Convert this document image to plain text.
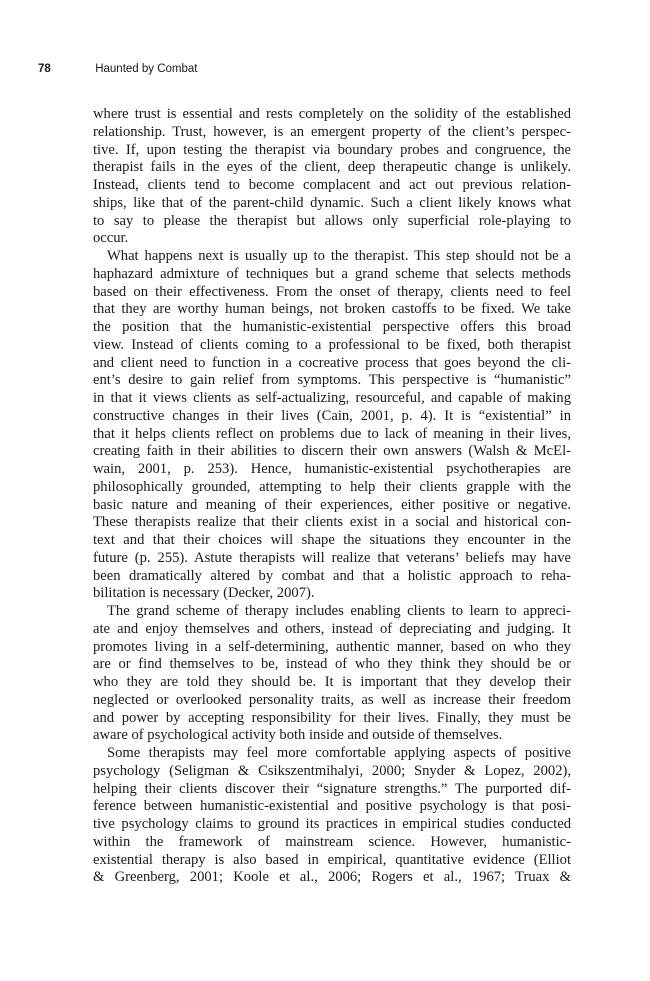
78	Haunted by Combat
where trust is essential and rests completely on the solidity of the established
relationship. Trust, however, is an emergent property of the client’s perspec-
tive. If, upon testing the therapist via boundary probes and congruence, the
therapist fails in the eyes of the client, deep therapeutic change is unlikely.
Instead, clients tend to become complacent and act out previous relation-
ships, like that of the parent-child dynamic. Such a client likely knows what
to say to please the therapist but allows only superficial role-playing to
occur.
What happens next is usually up to the therapist. This step should not be a
haphazard admixture of techniques but a grand scheme that selects methods
based on their effectiveness. From the onset of therapy, clients need to feel
that they are worthy human beings, not broken castoffs to be fixed. We take
the position that the humanistic-existential perspective offers this broad
view. Instead of clients coming to a professional to be fixed, both therapist
and client need to function in a cocreative process that goes beyond the cli-
ent’s desire to gain relief from symptoms. This perspective is “humanistic”
in that it views clients as self-actualizing, resourceful, and capable of making
constructive changes in their lives (Cain, 2001, p. 4). It is “existential” in
that it helps clients reflect on problems due to lack of meaning in their lives,
creating faith in their abilities to discern their own answers (Walsh & McEl-
wain, 2001, p. 253). Hence, humanistic-existential psychotherapies are
philosophically grounded, attempting to help their clients grapple with the
basic nature and meaning of their experiences, either positive or negative.
These therapists realize that their clients exist in a social and historical con-
text and that their choices will shape the situations they encounter in the
future (p. 255). Astute therapists will realize that veterans’ beliefs may have
been dramatically altered by combat and that a holistic approach to reha-
bilitation is necessary (Decker, 2007).
The grand scheme of therapy includes enabling clients to learn to appreci-
ate and enjoy themselves and others, instead of depreciating and judging. It
promotes living in a self-determining, authentic manner, based on who they
are or find themselves to be, instead of who they think they should be or
who they are told they should be. It is important that they develop their
neglected or overlooked personality traits, as well as increase their freedom
and power by accepting responsibility for their lives. Finally, they must be
aware of psychological activity both inside and outside of themselves.
Some therapists may feel more comfortable applying aspects of positive
psychology (Seligman & Csikszentmihalyi, 2000; Snyder & Lopez, 2002),
helping their clients discover their “signature strengths.” The purported dif-
ference between humanistic-existential and positive psychology is that posi-
tive psychology claims to ground its practices in empirical studies conducted
within the framework of mainstream science. However, humanistic-
existential therapy is also based in empirical, quantitative evidence (Elliot
& Greenberg, 2001; Koole et al., 2006; Rogers et al., 1967; Truax &
